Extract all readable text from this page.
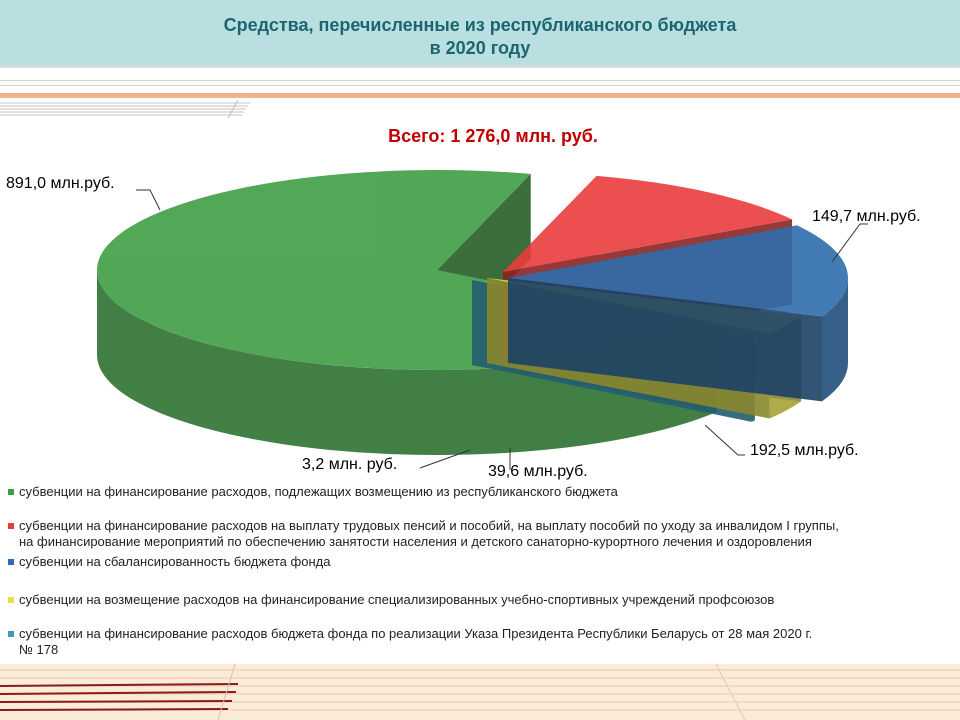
Средства, перечисленные из республиканского бюджета
в 2020 году
Всего: 1 276,0 млн. руб.
891,0 млн.руб.
149,7 млн.руб.
192,5 млн.руб.
39,6 млн.руб.
3,2 млн. руб.
субвенции на финансирование расходов, подлежащих возмещению из республиканского бюджета
субвенции на финансирование расходов на выплату трудовых пенсий и пособий, на выплату пособий по уходу за инвалидом I группы,
на финансирование мероприятий по обеспечению занятости населения и детского санаторно-курортного лечения и оздоровления
субвенции на сбалансированность бюджета фонда
субвенции на возмещение расходов на финансирование специализированных учебно-спортивных учреждений профсоюзов
субвенции на финансирование расходов бюджета фонда по реализации Указа Президента Республики Беларусь от 28 мая 2020 г.
№ 178
